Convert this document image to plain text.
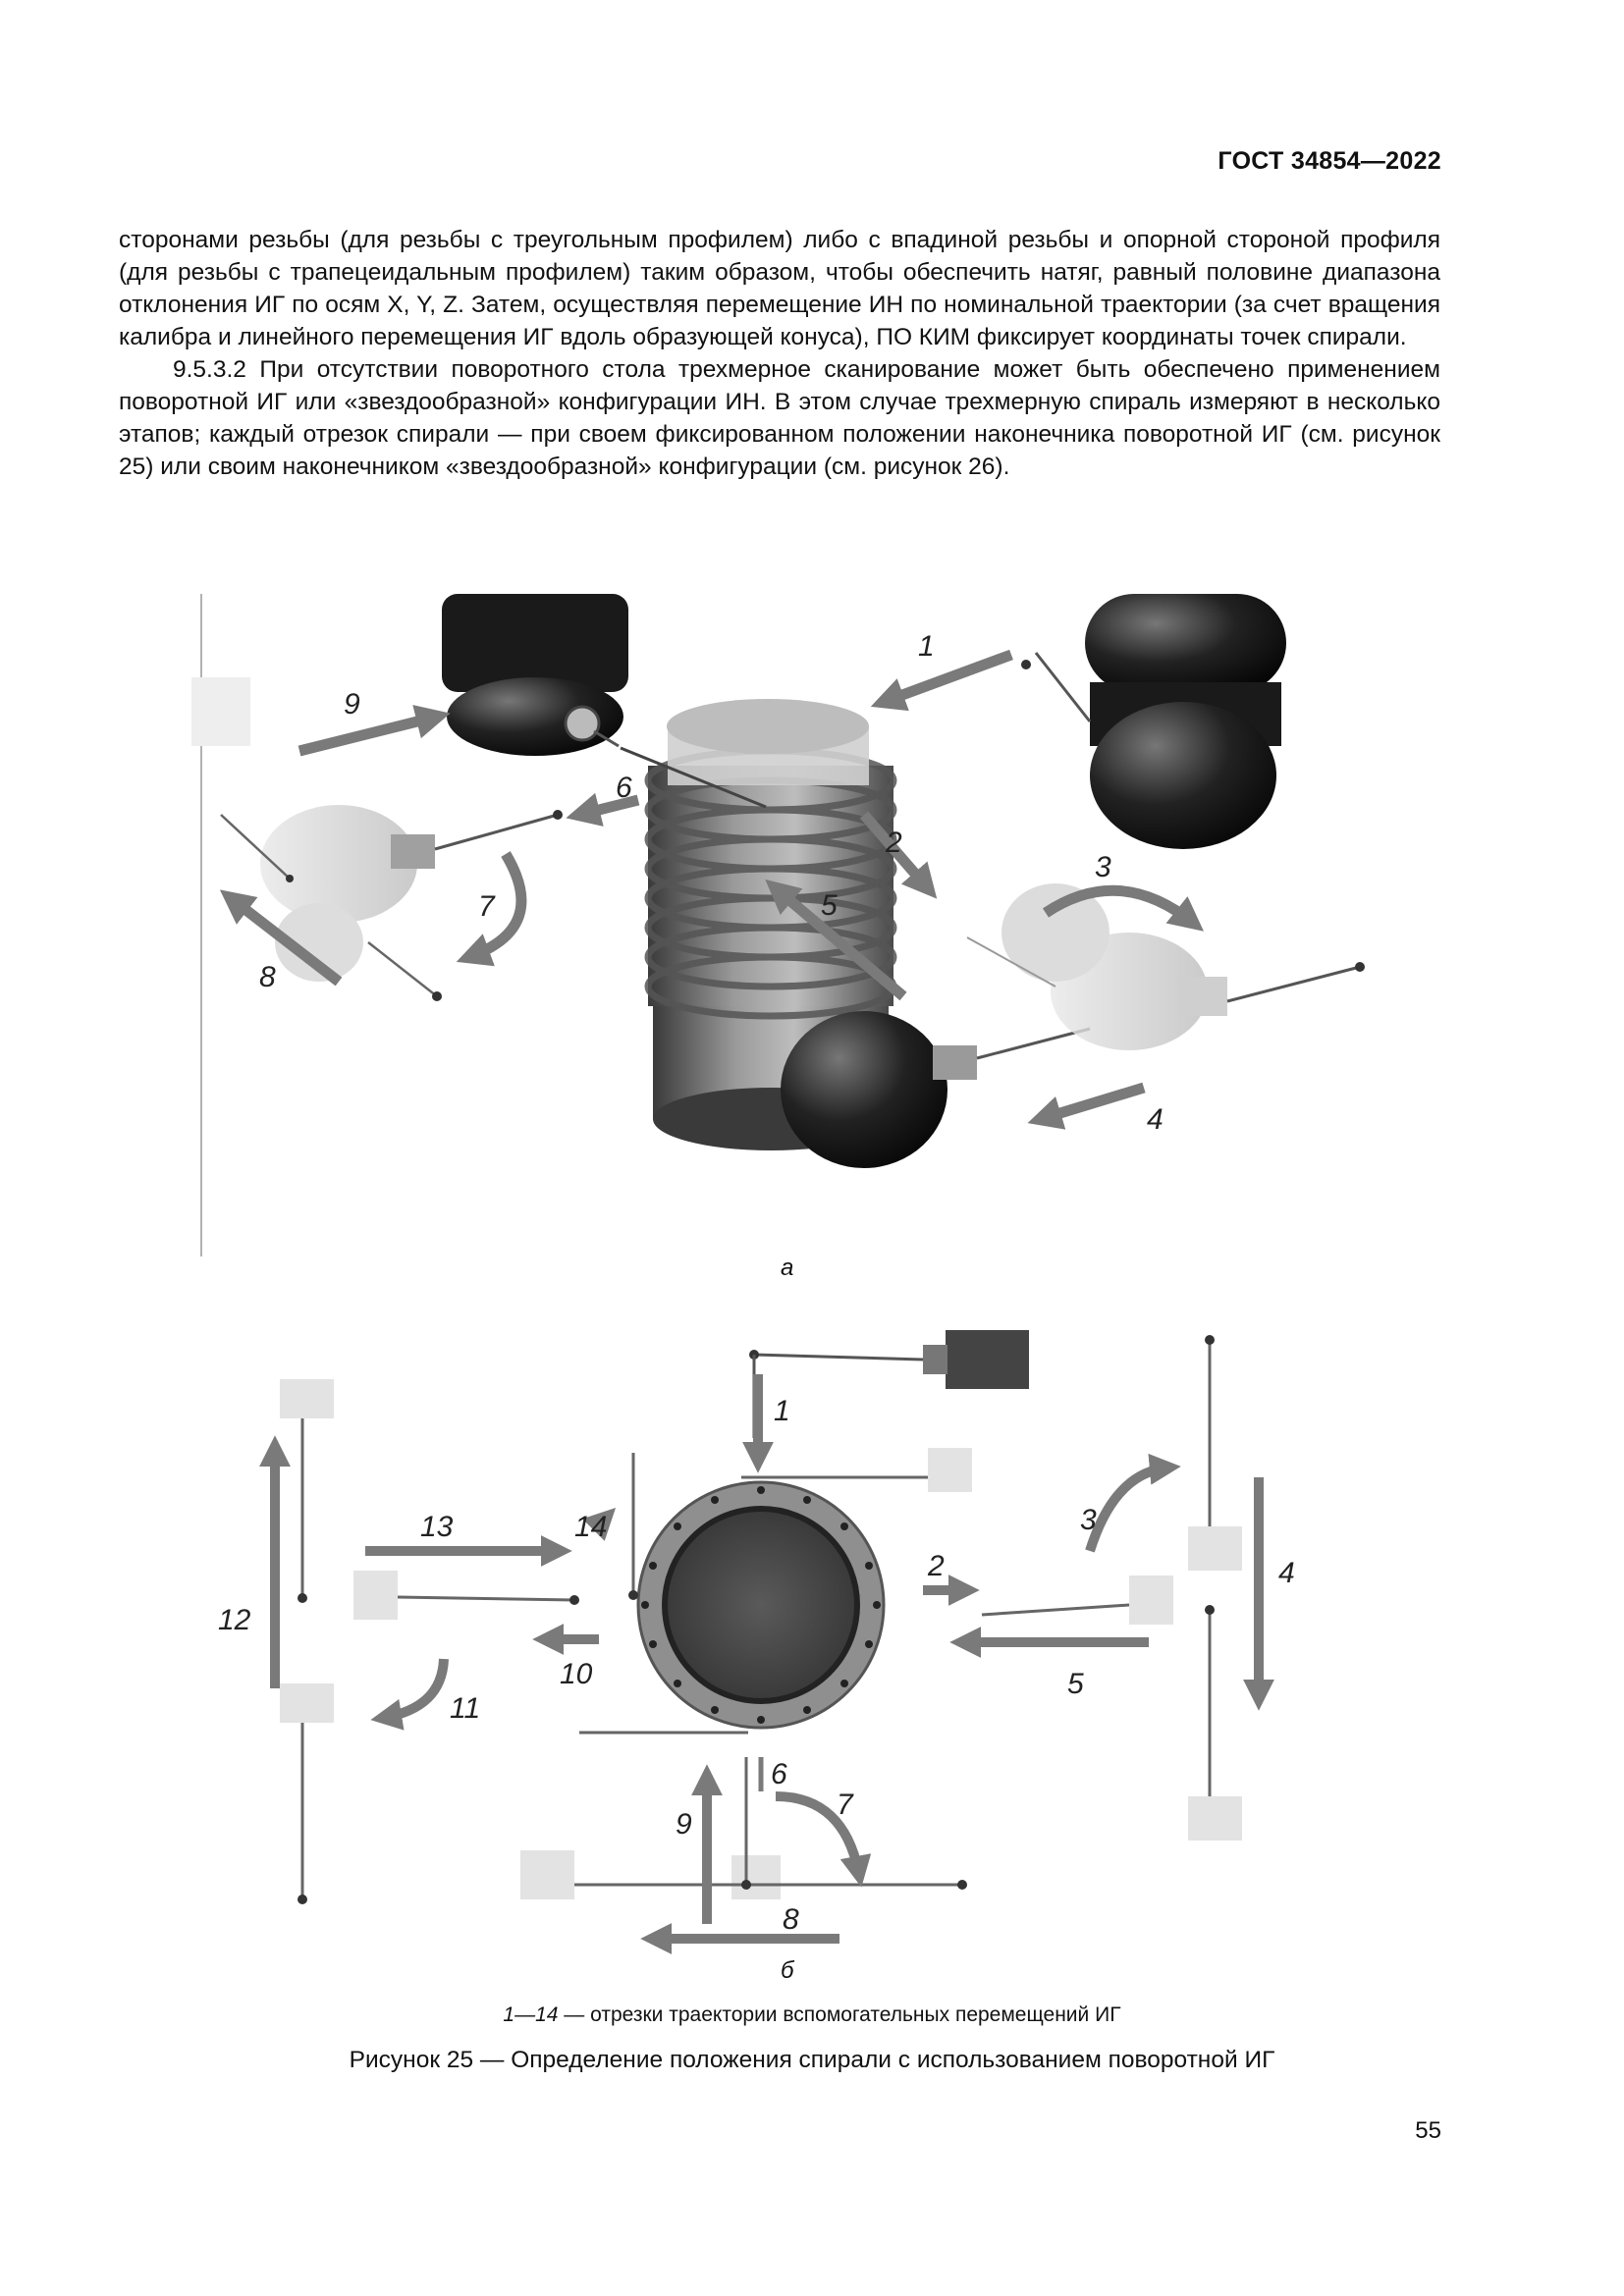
ГОСТ 34854—2022

сторонами резьбы (для резьбы с треугольным профилем) либо с впадиной резьбы и опорной стороной профиля (для резьбы с трапецеидальным профилем) таким образом, чтобы обеспечить натяг, равный половине диапазона отклонения ИГ по осям X, Y, Z. Затем, осуществляя перемещение ИН по номинальной траектории (за счет вращения калибра и линейного перемещения ИГ вдоль образующей конуса), ПО КИМ фиксирует координаты точек спирали.

9.5.3.2 При отсутствии поворотного стола трехмерное сканирование может быть обеспечено применением поворотной ИГ или «звездообразной» конфигурации ИН. В этом случае трехмерную спираль измеряют в несколько этапов; каждый отрезок спирали — при своем фиксированном положении наконечника поворотной ИГ (см. рисунок 25) или своим наконечником «звездообразной» конфигурации (см. рисунок 26).

9
1
6
2
3
5
7
8
4
а
1
13	14	3
2	4
12
10	5
11
6
7
9
8
б
1—14 — отрезки траектории вспомогательных перемещений ИГ
Рисунок 25 — Определение положения спирали с использованием поворотной ИГ
55
